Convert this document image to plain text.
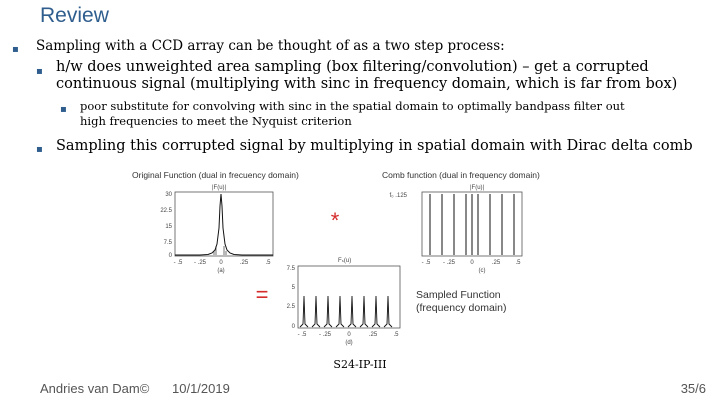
Review
▪ Sampling with a CCD array can be thought of as a two step process:
▪ h/w does unweighted area sampling (box filtering/convolution) – get a corrupted
continuous signal (multiplying with sinc in frequency domain, which is far from box)
▪ poor substitute for convolving with sinc in the spatial domain to optimally bandpass filter out
high frequencies to meet the Nyquist criterion
▪ Sampling this corrupted signal by multiplying in spatial domain with Dirac delta comb
Original Function (dual in frecuency domain)
|F(u)|
30
22.5
15
7.5
0
- .5 - .25 0	.25	.5
(a)
*
Comb function (dual in frequency domain)
|F(u)|
f₀ .125
- .5 - .25	0	.25	.5
(c)
=
Fₛ(u)
7.5
5
2.5
0
- .5 - .25	0	.25	.5
(d)
Sampled Function
(frequency domain)
S24-IP-III
Andries van Dam© 10/1/2019	35/6
